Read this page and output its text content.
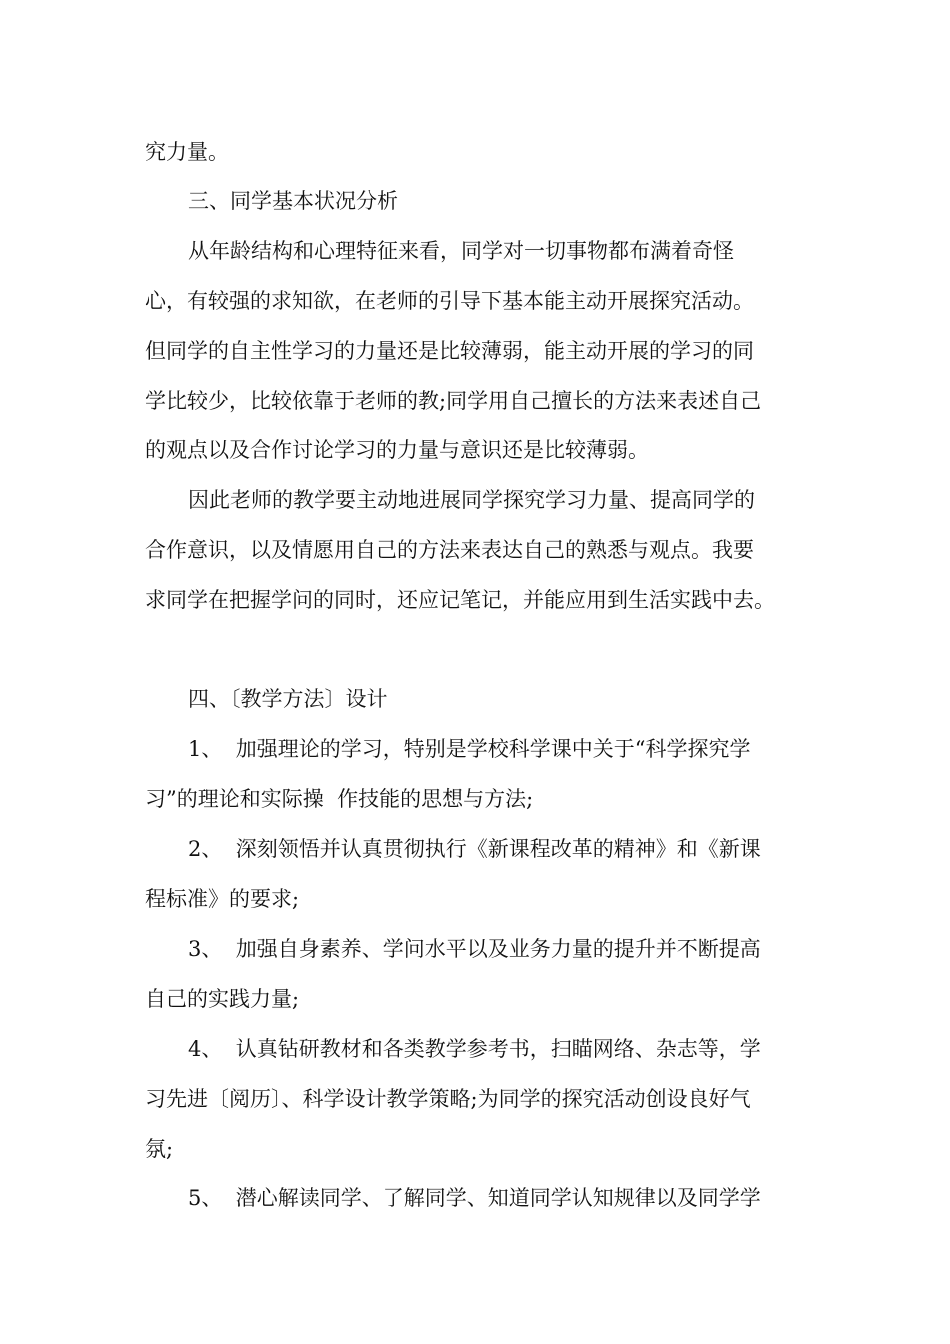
究力量。
三、同学基本状况分析
从年龄结构和心理特征来看，同学对一切事物都布满着奇怪
心，有较强的求知欲，在老师的引导下基本能主动开展探究活动。
但同学的自主性学习的力量还是比较薄弱，能主动开展的学习的同
学比较少，比较依靠于老师的教;同学用自己擅长的方法来表述自己
的观点以及合作讨论学习的力量与意识还是比较薄弱。
因此老师的教学要主动地进展同学探究学习力量、提高同学的
合作意识，以及情愿用自己的方法来表达自己的熟悉与观点。我要
求同学在把握学问的同时，还应记笔记，并能应用到生活实践中去。
四、〔教学方法〕设计
1、  加强理论的学习，特别是学校科学课中关于“科学探究学
习”的理论和实际操  作技能的思想与方法;
2、  深刻领悟并认真贯彻执行《新课程改革的精神》和《新课
程标准》的要求;
3、  加强自身素养、学问水平以及业务力量的提升并不断提高
自己的实践力量;
4、  认真钻研教材和各类教学参考书，扫瞄网络、杂志等，学
习先进〔阅历〕、科学设计教学策略;为同学的探究活动创设良好气
氛;
5、  潜心解读同学、了解同学、知道同学认知规律以及同学学
